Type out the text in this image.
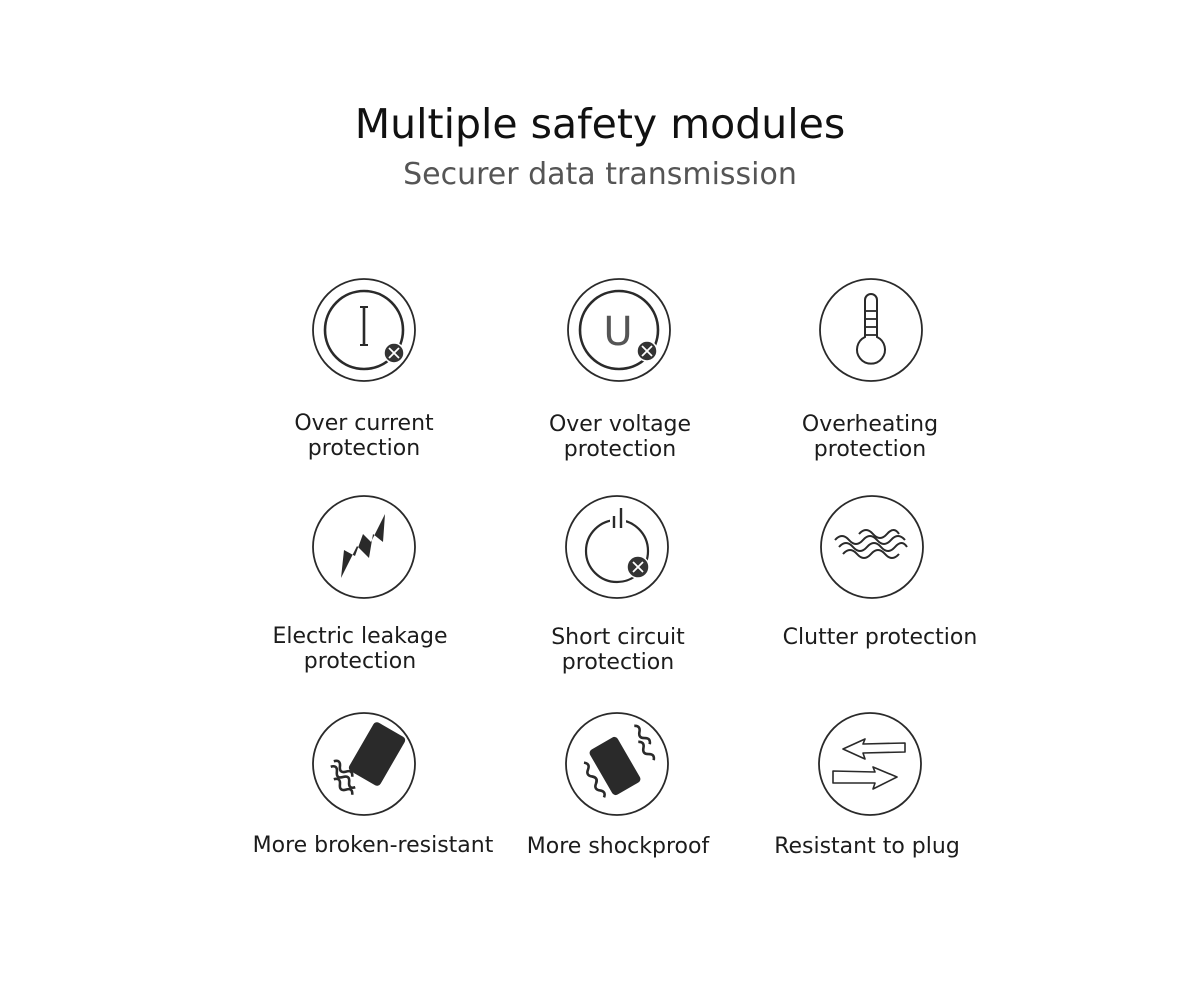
Multiple safety modules
Securer data transmission
Over current
protection
U
Over voltage
protection
Overheating
protection
Electric leakage
protection
Short circuit
protection
Clutter protection
More broken-resistant	More shockproof	Resistant to plug
